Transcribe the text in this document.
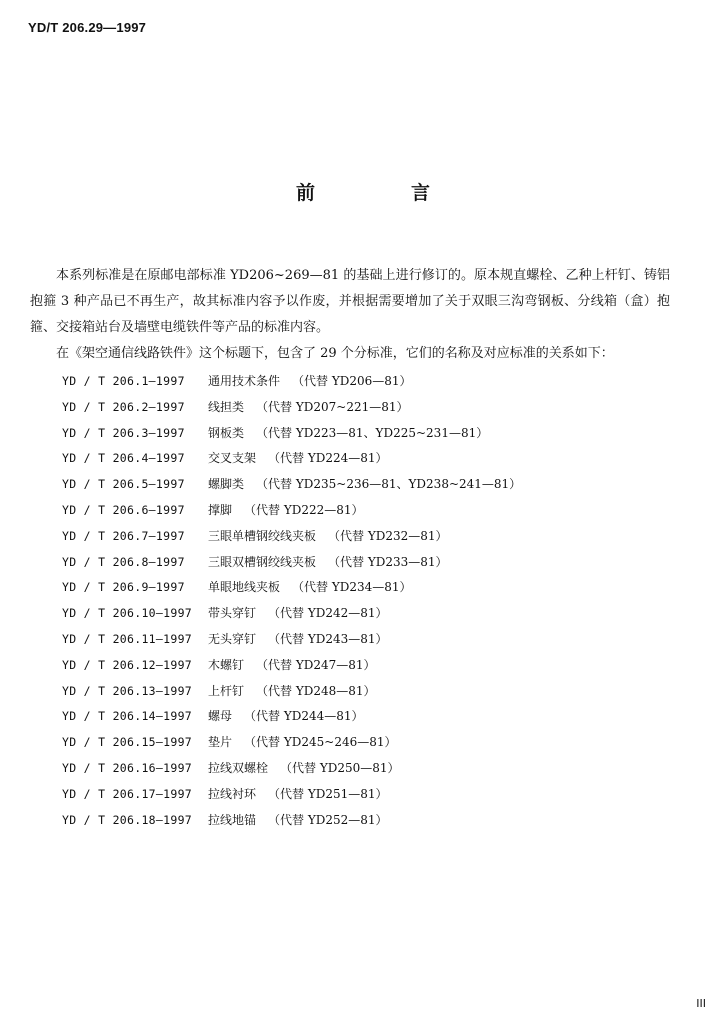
YD/T 206.29—1997
前	言

本系列标准是在原邮电部标准 YD206~269—81 的基础上进行修订的。原本规直螺栓、乙种上杆钉、铸铝抱箍 3 种产品已不再生产，故其标准内容予以作废，并根据需要增加了关于双眼三沟弯钢板、分线箱（盒）抱箍、交接箱站台及墙壁电缆铁件等产品的标准内容。

在《架空通信线路铁件》这个标题下，包含了 29 个分标准，它们的名称及对应标准的关系如下：

YD / T 206.1—1997	通用技术条件 （代替 YD206—81）
YD / T 206.2—1997	线担类 （代替 YD207~221—81）
YD / T 206.3—1997	钢板类 （代替 YD223—81、YD225~231—81）
YD / T 206.4—1997	交叉支架 （代替 YD224—81）
YD / T 206.5—1997	螺脚类 （代替 YD235~236—81、YD238~241—81）
YD / T 206.6—1997	撑脚 （代替 YD222—81）
YD / T 206.7—1997	三眼单槽钢绞线夹板 （代替 YD232—81）
YD / T 206.8—1997	三眼双槽钢绞线夹板 （代替 YD233—81）
YD / T 206.9—1997	单眼地线夹板 （代替 YD234—81）
YD / T 206.10—1997	带头穿钉 （代替 YD242—81）
YD / T 206.11—1997	无头穿钉 （代替 YD243—81）
YD / T 206.12—1997	木螺钉 （代替 YD247—81）
YD / T 206.13—1997	上杆钉 （代替 YD248—81）
YD / T 206.14—1997	螺母 （代替 YD244—81）
YD / T 206.15—1997	垫片 （代替 YD245~246—81）
YD / T 206.16—1997	拉线双螺栓 （代替 YD250—81）
YD / T 206.17—1997	拉线衬环 （代替 YD251—81）
YD / T 206.18—1997	拉线地锚 （代替 YD252—81）
III
